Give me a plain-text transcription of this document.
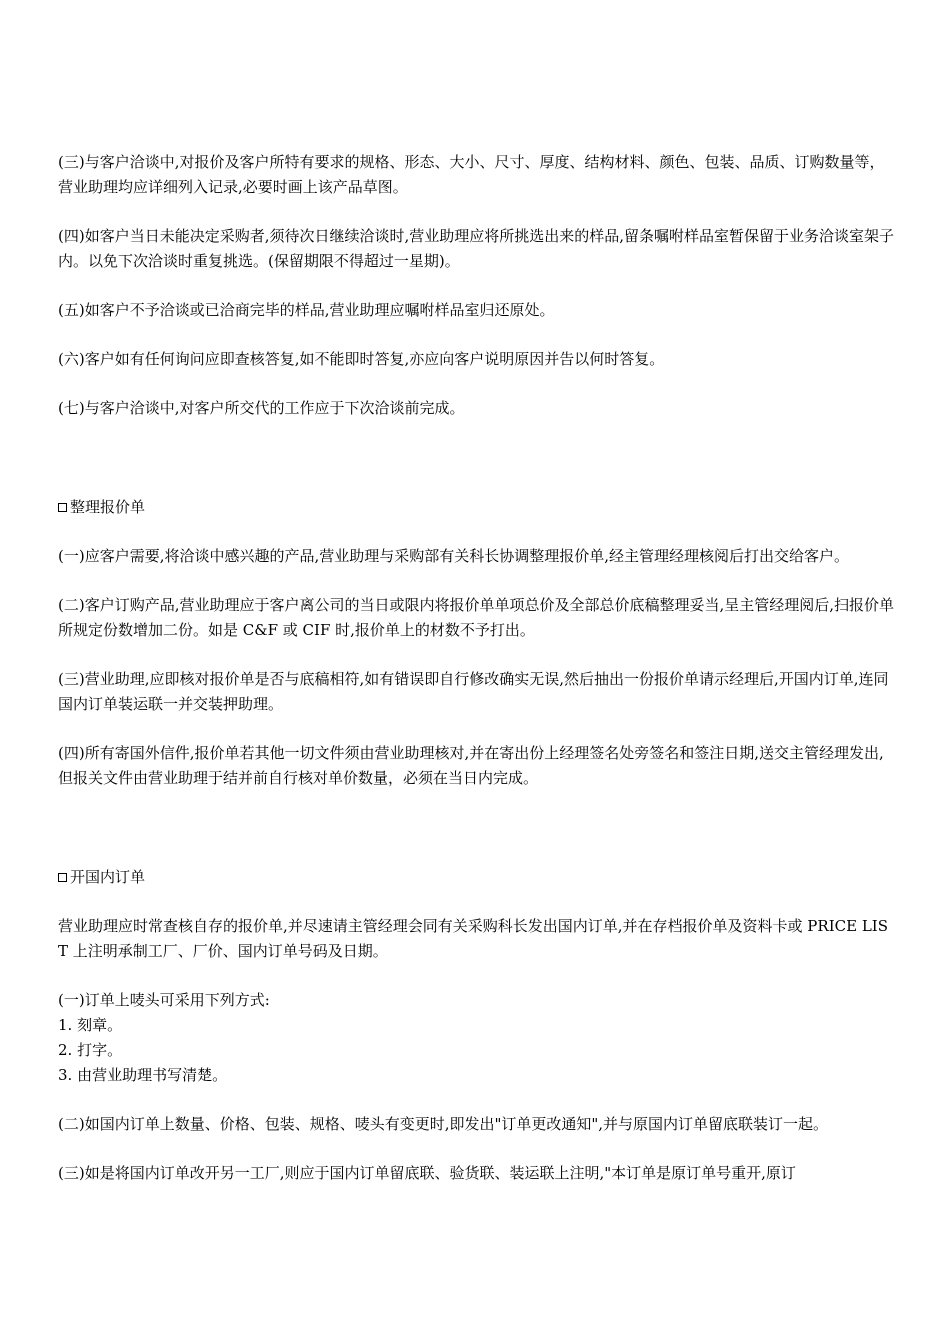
(三)与客户洽谈中,对报价及客户所特有要求的规格、形态、大小、尺寸、厚度、结构材料、颜色、包装、品质、订购数量等，营业助理均应详细列入记录,必要时画上该产品草图。

(四)如客户当日未能决定采购者,须待次日继续洽谈时,营业助理应将所挑选出来的样品,留条嘱咐样品室暂保留于业务洽谈室架子内。以免下次洽谈时重复挑选。(保留期限不得超过一星期)。

(五)如客户不予洽谈或已洽商完毕的样品,营业助理应嘱咐样品室归还原处。

(六)客户如有任何询问应即查核答复,如不能即时答复,亦应向客户说明原因并告以何时答复。

(七)与客户洽谈中,对客户所交代的工作应于下次洽谈前完成。

整理报价单

(一)应客户需要,将洽谈中感兴趣的产品,营业助理与采购部有关科长协调整理报价单,经主管理经理核阅后打出交给客户。

(二)客户订购产品,营业助理应于客户离公司的当日或限内将报价单单项总价及全部总价底稿整理妥当,呈主管经理阅后,扫报价单所规定份数增加二份。如是 C&F 或 CIF 时,报价单上的材数不予打出。

(三)营业助理,应即核对报价单是否与底稿相符,如有错误即自行修改确实无误,然后抽出一份报价单请示经理后,开国内订单,连同国内订单装运联一并交装押助理。

(四)所有寄国外信件,报价单若其他一切文件须由营业助理核对,并在寄出份上经理签名处旁签名和签注日期,送交主管经理发出,但报关文件由营业助理于结并前自行核对单价数量，必须在当日内完成。

开国内订单

营业助理应时常查核自存的报价单,并尽速请主管经理会同有关采购科长发出国内订单,并在存档报价单及资料卡或 PRICE LIST 上注明承制工厂、厂价、国内订单号码及日期。

(一)订单上唛头可采用下列方式:

1. 刻章。

2. 打字。

3. 由营业助理书写清楚。

(二)如国内订单上数量、价格、包装、规格、唛头有变更时,即发出"订单更改通知",并与原国内订单留底联装订一起。

(三)如是将国内订单改开另一工厂,则应于国内订单留底联、验货联、装运联上注明,"本订单是原订单号重开,原订
